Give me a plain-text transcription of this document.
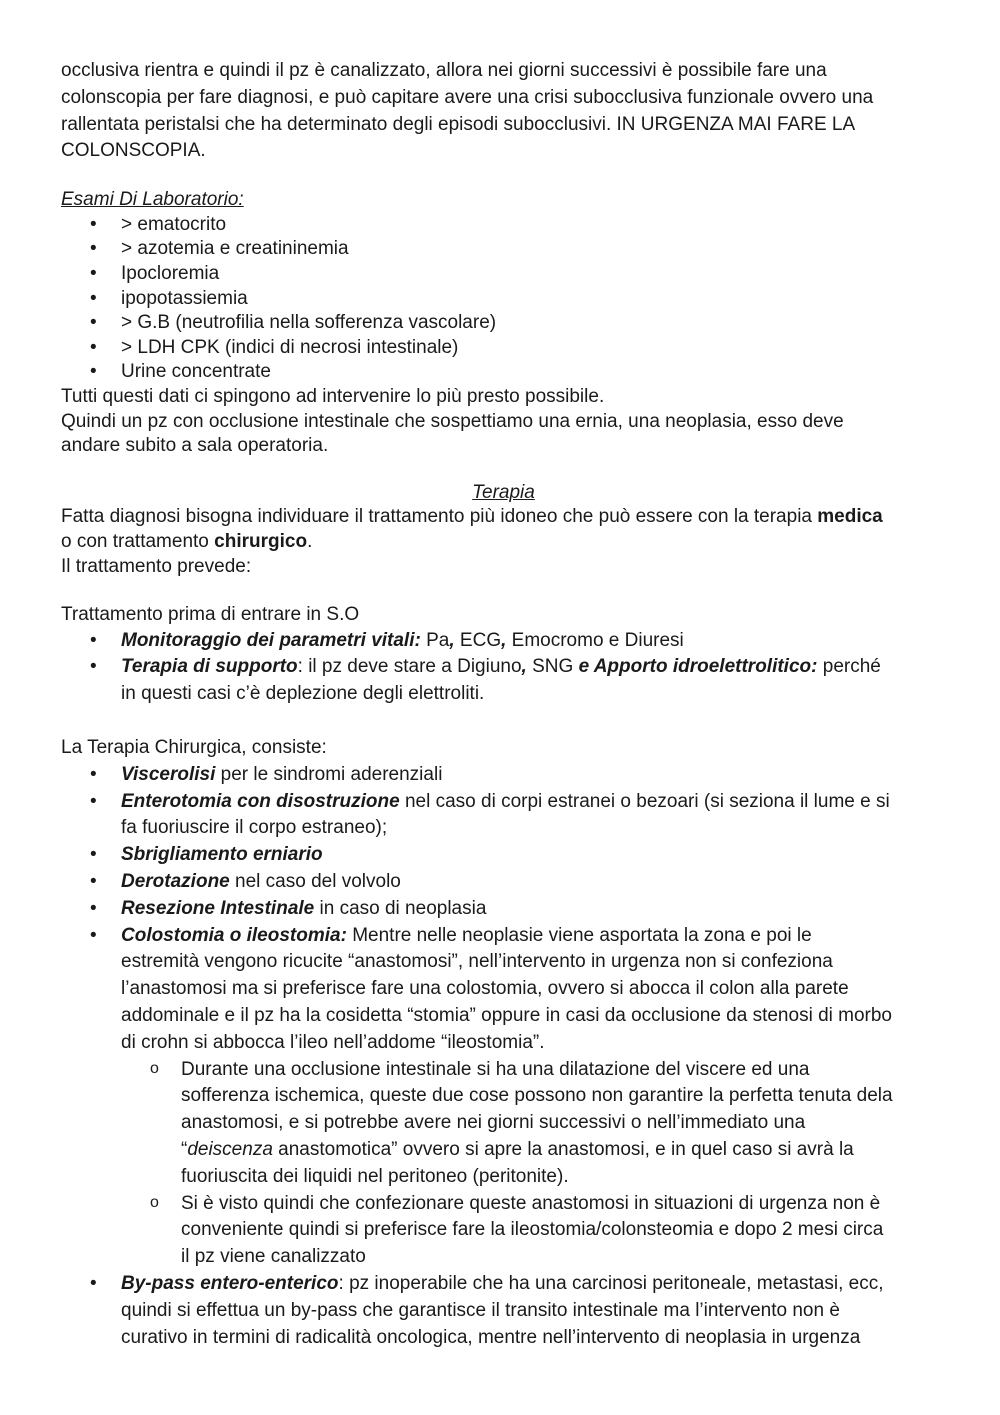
occlusiva rientra e quindi il pz è canalizzato, allora nei giorni successivi è possibile fare una

colonscopia per fare diagnosi, e può capitare avere una crisi subocclusiva funzionale ovvero una

rallentata peristalsi che ha determinato degli episodi subocclusivi. IN URGENZA MAI FARE LA

COLONSCOPIA.

Esami Di Laboratorio:

• > ematocrito
• > azotemia e creatininemia
• Ipocloremia
• ipopotassiemia
• > G.B (neutrofilia nella sofferenza vascolare)
• > LDH CPK (indici di necrosi intestinale)
• Urine concentrate

Tutti questi dati ci spingono ad intervenire lo più presto possibile.

Quindi un pz con occlusione intestinale che sospettiamo una ernia, una neoplasia, esso deve

andare subito a sala operatoria.

Terapia

Fatta diagnosi bisogna individuare il trattamento più idoneo che può essere con la terapia medica

o con trattamento chirurgico.

Il trattamento prevede:

Trattamento prima di entrare in S.O

• Monitoraggio dei parametri vitali: Pa, ECG, Emocromo e Diuresi
• Terapia di supporto: il pz deve stare a Digiuno, SNG e Apporto idroelettrolitico: perché
in questi casi c’è deplezione degli elettroliti.

La Terapia Chirurgica, consiste:

• Viscerolisi per le sindromi aderenziali
• Enterotomia con disostruzione nel caso di corpi estranei o bezoari (si seziona il lume e si
fa fuoriuscire il corpo estraneo);
• Sbrigliamento erniario
• Derotazione nel caso del volvolo
• Resezione Intestinale in caso di neoplasia
• Colostomia o ileostomia: Mentre nelle neoplasie viene asportata la zona e poi le
estremità vengono ricucite “anastomosi”, nell’intervento in urgenza non si confeziona
l’anastomosi ma si preferisce fare una colostomia, ovvero si abocca il colon alla parete
addominale e il pz ha la cosidetta “stomia” oppure in casi da occlusione da stenosi di morbo
di crohn si abbocca l’ileo nell’addome “ileostomia”.
o Durante una occlusione intestinale si ha una dilatazione del viscere ed una
sofferenza ischemica, queste due cose possono non garantire la perfetta tenuta dela
anastomosi, e si potrebbe avere nei giorni successivi o nell’immediato una
“deiscenza anastomotica” ovvero si apre la anastomosi, e in quel caso si avrà la
fuoriuscita dei liquidi nel peritoneo (peritonite).
o Si è visto quindi che confezionare queste anastomosi in situazioni di urgenza non è
conveniente quindi si preferisce fare la ileostomia/colonsteomia e dopo 2 mesi circa
il pz viene canalizzato
• By-pass entero-enterico: pz inoperabile che ha una carcinosi peritoneale, metastasi, ecc,
quindi si effettua un by-pass che garantisce il transito intestinale ma l’intervento non è
curativo in termini di radicalità oncologica, mentre nell’intervento di neoplasia in urgenza
